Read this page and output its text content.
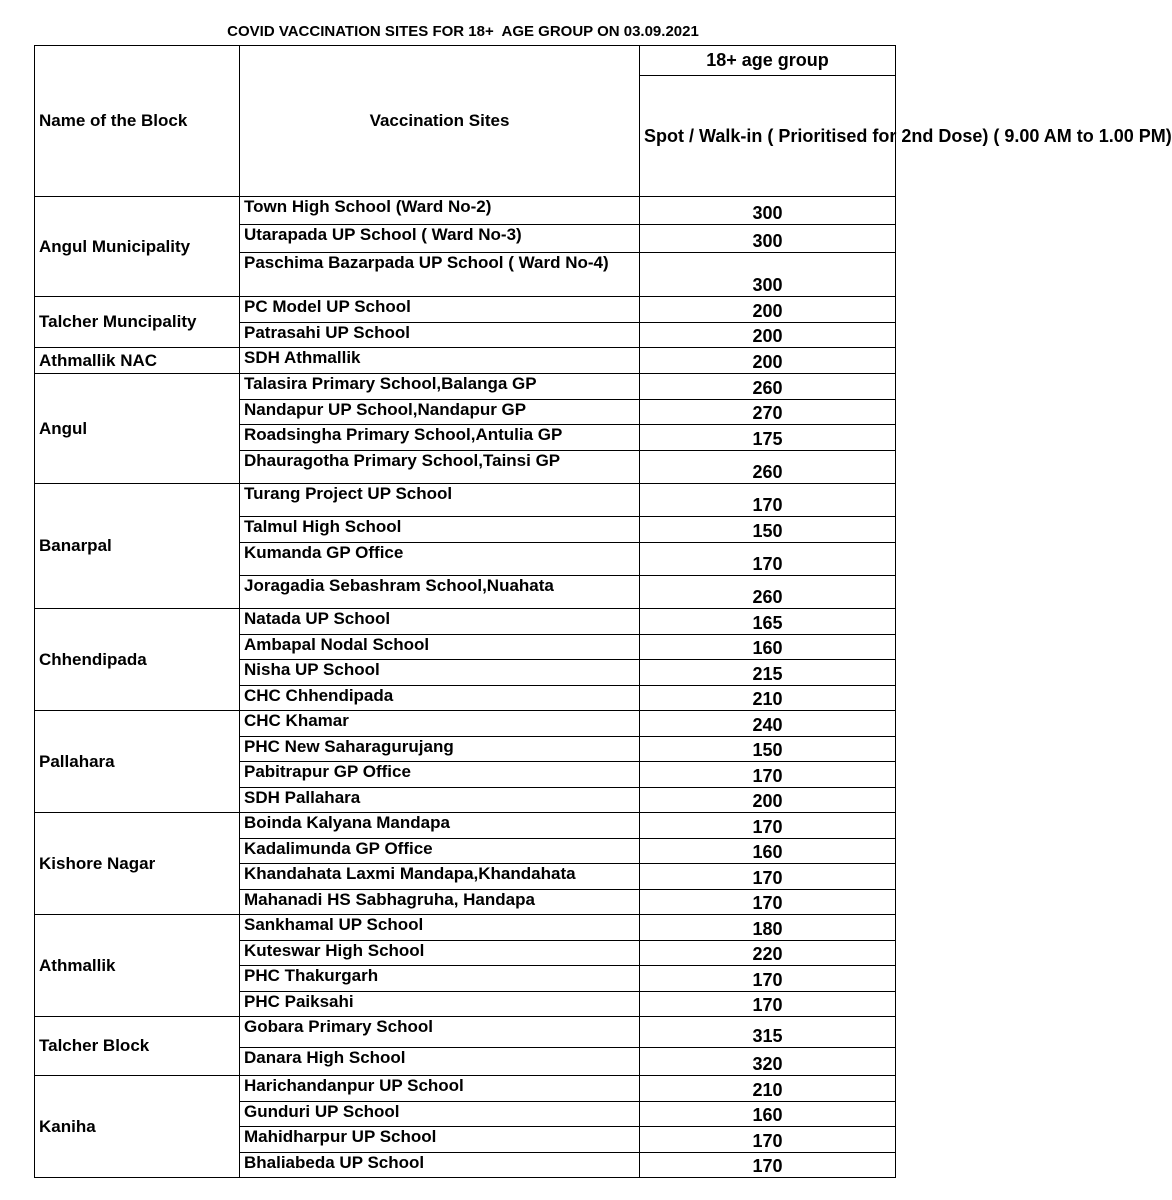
COVID VACCINATION SITES FOR 18+  AGE GROUP ON 03.09.2021
Name of the Block	Vaccination Sites	18+ age group
		Spot / Walk-in ( Prioritised for 2nd Dose) ( 9.00 AM to 1.00 PM)
Angul Municipality	Town High School (Ward No-2)	300
	Utarapada UP School ( Ward No-3)	300
	Paschima Bazarpada UP School ( Ward No-4)	300
Talcher Muncipality	PC Model UP School	200
	Patrasahi UP School	200
Athmallik NAC	SDH Athmallik	200
Angul	Talasira Primary School,Balanga GP	260
	Nandapur UP School,Nandapur GP	270
	Roadsingha Primary School,Antulia GP	175
	Dhauragotha Primary School,Tainsi GP	260
Banarpal	Turang Project UP School	170
	Talmul High School	150
	Kumanda GP Office	170
	Joragadia Sebashram School,Nuahata	260
Chhendipada	Natada UP School	165
	Ambapal Nodal School	160
	Nisha UP School	215
	CHC Chhendipada	210
Pallahara	CHC Khamar	240
	PHC New Saharagurujang	150
	Pabitrapur GP Office	170
	SDH Pallahara	200
Kishore Nagar	Boinda Kalyana Mandapa	170
	Kadalimunda GP Office	160
	Khandahata Laxmi Mandapa,Khandahata	170
	Mahanadi HS Sabhagruha, Handapa	170
Athmallik	Sankhamal UP School	180
	Kuteswar High School	220
	PHC Thakurgarh	170
	PHC Paiksahi	170
Talcher Block	Gobara Primary School	315
	Danara High School	320
Kaniha	Harichandanpur UP School	210
	Gunduri UP School	160
	Mahidharpur UP School	170
	Bhaliabeda UP School	170
